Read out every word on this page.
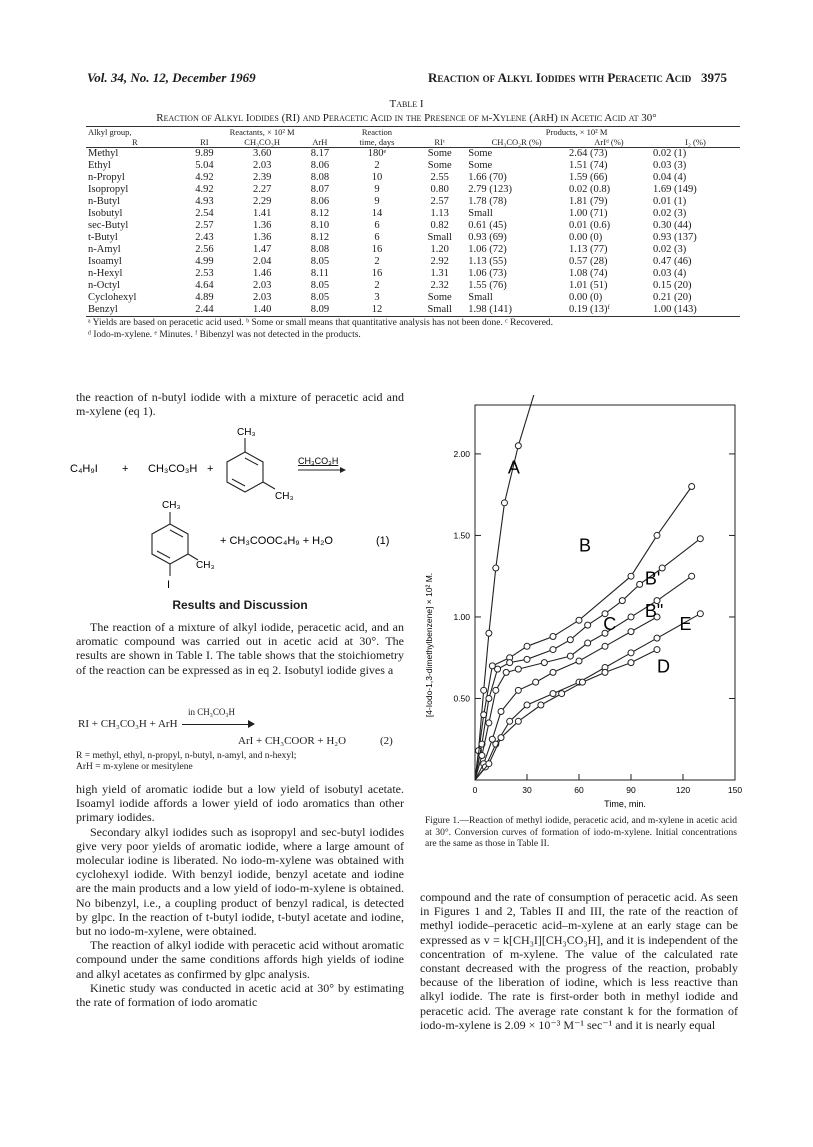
Vol. 34, No. 12, December 1969	Reaction of Alkyl Iodides with Peracetic Acid 3975
Table I
Reaction of Alkyl Iodides (RI) and Peracetic Acid in the Presence of m-Xylene (ArH) in Acetic Acid at 30°
Alkyl group,	Reactants, × 10² M			Reaction	Products, × 10² M			
R	RI	CH₃CO₃H	ArH	time, days	RIᶜ	CH₃CO₂R (%)	ArIᵈ (%)	I₂ (%)
Methyl	9.89	3.60	8.17	180ᵉ	Some	Some	2.64 (73)	0.02 (1)
Ethyl	5.04	2.03	8.06	2	Some	Some	1.51 (74)	0.03 (3)
n-Propyl	4.92	2.39	8.08	10	2.55	1.66 (70)	1.59 (66)	0.04 (4)
Isopropyl	4.92	2.27	8.07	9	0.80	2.79 (123)	0.02 (0.8)	1.69 (149)
n-Butyl	4.93	2.29	8.06	9	2.57	1.78 (78)	1.81 (79)	0.01 (1)
Isobutyl	2.54	1.41	8.12	14	1.13	Small	1.00 (71)	0.02 (3)
sec-Butyl	2.57	1.36	8.10	6	0.82	0.61 (45)	0.01 (0.6)	0.30 (44)
t-Butyl	2.43	1.36	8.12	6	Small	0.93 (69)	0.00 (0)	0.93 (137)
n-Amyl	2.56	1.47	8.08	16	1.20	1.06 (72)	1.13 (77)	0.02 (3)
Isoamyl	4.99	2.04	8.05	2	2.92	1.13 (55)	0.57 (28)	0.47 (46)
n-Hexyl	2.53	1.46	8.11	16	1.31	1.06 (73)	1.08 (74)	0.03 (4)
n-Octyl	4.64	2.03	8.05	2	2.32	1.55 (76)	1.01 (51)	0.15 (20)
Cyclohexyl	4.89	2.03	8.05	3	Some	Small	0.00 (0)	0.21 (20)
Benzyl	2.44	1.40	8.09	12	Small	1.98 (141)	0.19 (13)ᶠ	1.00 (143)
ᵃ Yields are based on peracetic acid used. ᵇ Some or small means that quantitative analysis has not been done. ᶜ Recovered.								
ᵈ Iodo-m-xylene. ᵉ Minutes. ᶠ Bibenzyl was not detected in the products.								

the reaction of n-butyl iodide with a mixture of peracetic acid and m-xylene (eq 1).

CH₃
C₄H₉I + CH₃CO₃H +
CH₃
CH₃CO₃H
CH₃
CH₃
I
+ CH₃COOC₄H₉ + H₂O	(1)
Results and Discussion

The reaction of a mixture of alkyl iodide, peracetic acid, and an aromatic compound was carried out in acetic acid at 30°. The results are shown in Table I. The table shows that the stoichiometry of the reaction can be expressed as in eq 2. Isobutyl iodide gives a

in CH₃CO₃H
RI + CH₃CO₃H + ArH
ArI + CH₃COOR + H₂O	(2)
R = methyl, ethyl, n-propyl, n-butyl, n-amyl, and n-hexyl;
ArH = m-xylene or mesitylene

high yield of aromatic iodide but a low yield of isobutyl acetate. Isoamyl iodide affords a lower yield of iodo aromatics than other primary iodides.

Secondary alkyl iodides such as isopropyl and sec-butyl iodides give very poor yields of aromatic iodide, where a large amount of molecular iodine is liberated. No iodo-m-xylene was obtained with cyclohexyl iodide. With benzyl iodide, benzyl acetate and iodine are the main products and a low yield of iodo-m-xylene is obtained. No bibenzyl, i.e., a coupling product of benzyl radical, is detected by glpc. In the reaction of t-butyl iodide, t-butyl acetate and iodine, but no iodo-m-xylene, were obtained.

The reaction of alkyl iodide with peracetic acid without aromatic compound under the same conditions affords high yields of iodine and alkyl acetates as confirmed by glpc analysis.

Kinetic study was conducted in acetic acid at 30° by estimating the rate of formation of iodo aromatic

0.50
1.00
1.50
2.00
0	30	60	90	120	150
A
B
B'
B"
C	E
D
[4-Iodo-1,3-dimethylbenzene] × 10² M.
Time, min.
Figure 1.—Reaction of methyl iodide, peracetic acid, and m-xylene in acetic acid at 30°. Conversion curves of formation of iodo-m-xylene. Initial concentrations are the same as those in Table II.

compound and the rate of consumption of peracetic acid. As seen in Figures 1 and 2, Tables II and III, the rate of the reaction of methyl iodide–peracetic acid–m-xylene at an early stage can be expressed as v = k[CH₃I][CH₃CO₃H], and it is independent of the concentration of m-xylene. The value of the calculated rate constant decreased with the progress of the reaction, probably because of the liberation of iodine, which is less reactive than alkyl iodide. The rate is first-order both in methyl iodide and peracetic acid. The average rate constant k for the formation of iodo-m-xylene is 2.09 × 10⁻³ M⁻¹ sec⁻¹ and it is nearly equal
